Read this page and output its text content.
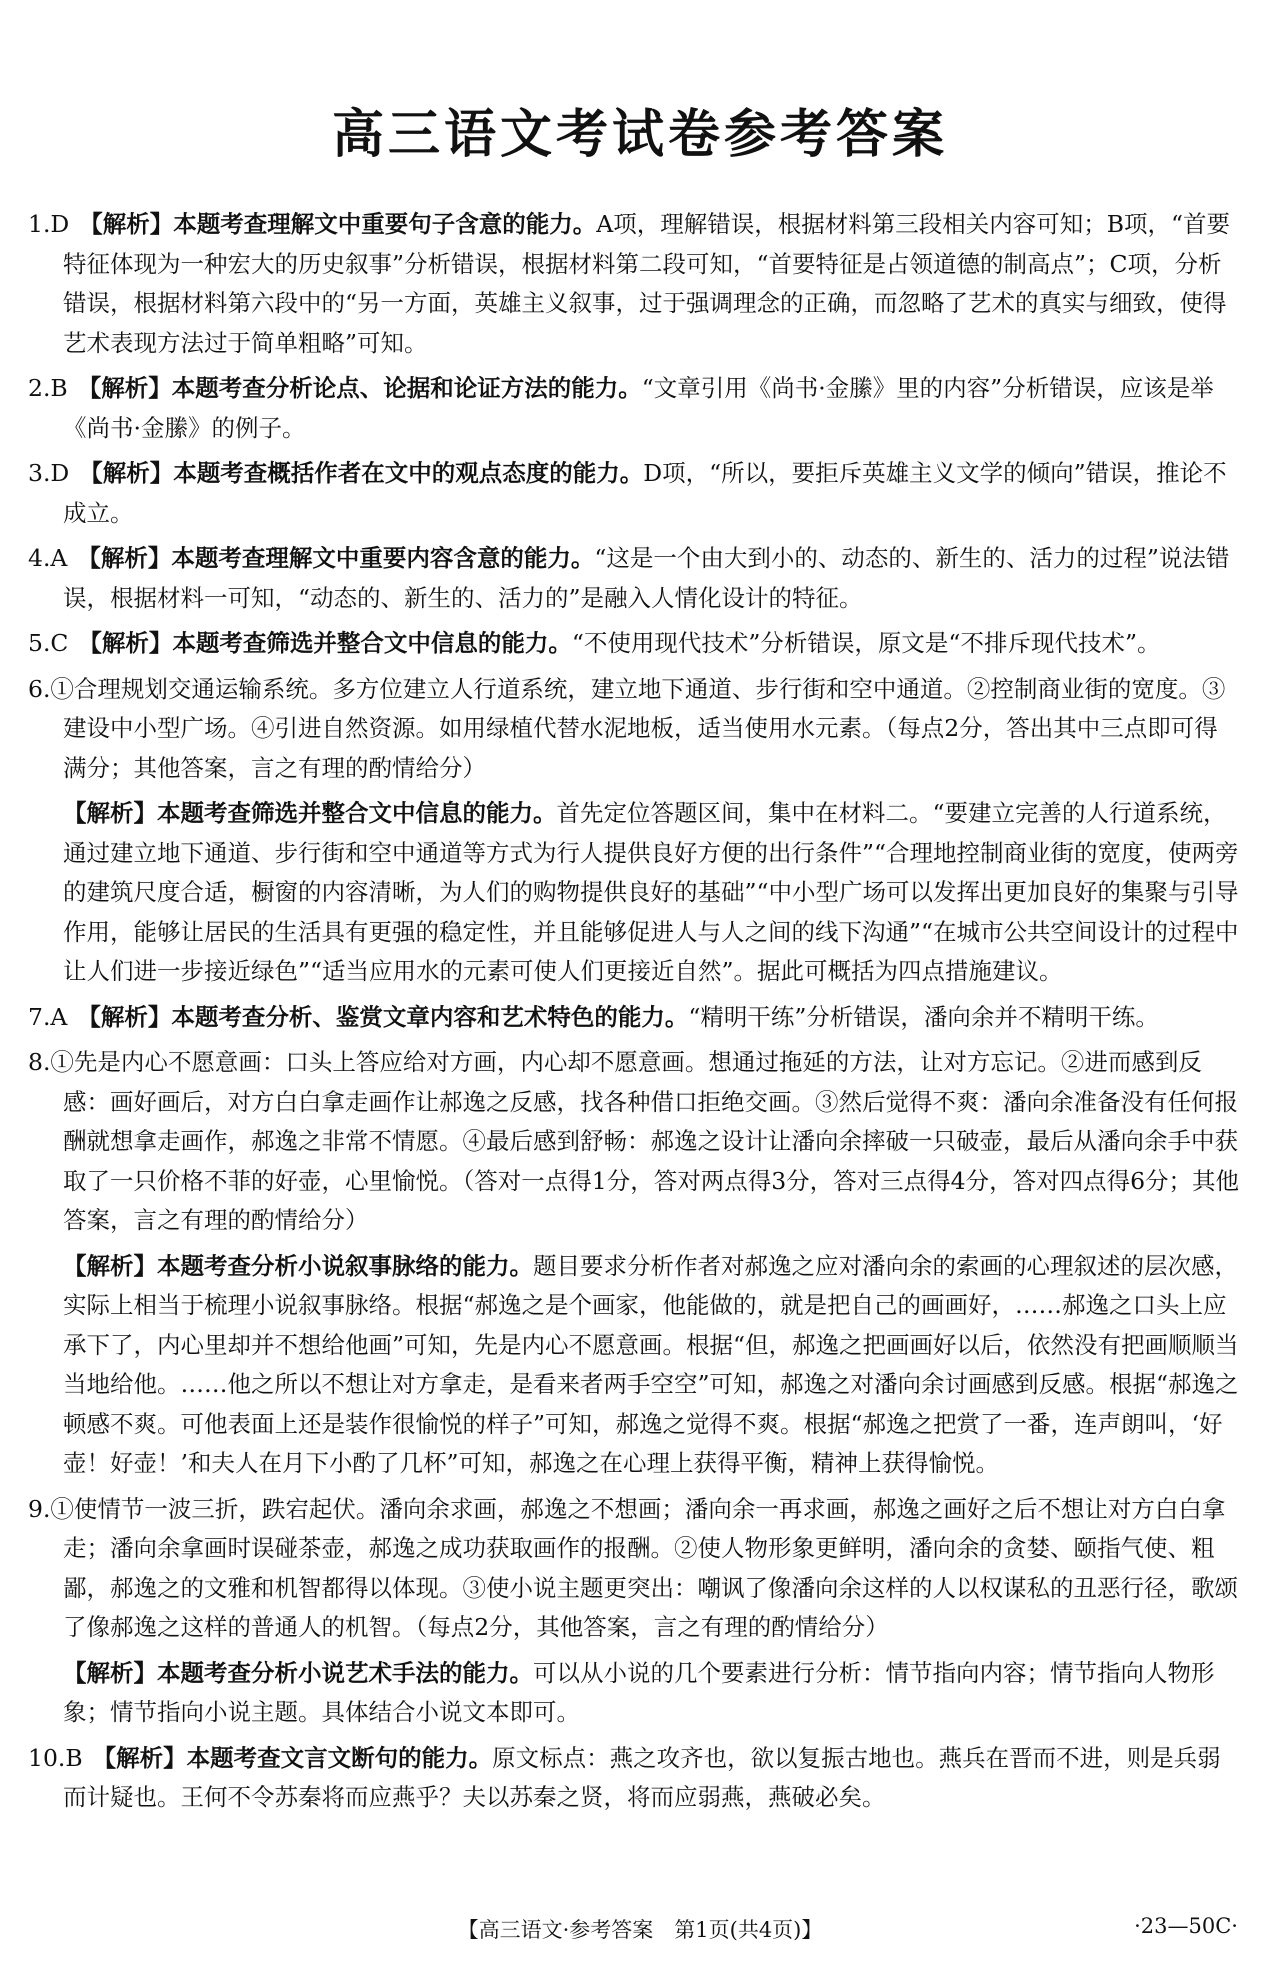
高三语文考试卷参考答案

1.D 【解析】本题考查理解文中重要句子含意的能力。A项，理解错误，根据材料第三段相关内容可知；B项，“首要特征体现为一种宏大的历史叙事”分析错误，根据材料第二段可知，“首要特征是占领道德的制高点”；C项，分析错误，根据材料第六段中的“另一方面，英雄主义叙事，过于强调理念的正确，而忽略了艺术的真实与细致，使得艺术表现方法过于简单粗略”可知。

2.B 【解析】本题考查分析论点、论据和论证方法的能力。“文章引用《尚书·金縢》里的内容”分析错误，应该是举《尚书·金縢》的例子。

3.D 【解析】本题考查概括作者在文中的观点态度的能力。D项，“所以，要拒斥英雄主义文学的倾向”错误，推论不成立。

4.A 【解析】本题考查理解文中重要内容含意的能力。“这是一个由大到小的、动态的、新生的、活力的过程”说法错误，根据材料一可知，“动态的、新生的、活力的”是融入人情化设计的特征。

5.C 【解析】本题考查筛选并整合文中信息的能力。“不使用现代技术”分析错误，原文是“不排斥现代技术”。

6.①合理规划交通运输系统。多方位建立人行道系统，建立地下通道、步行街和空中通道。②控制商业街的宽度。③建设中小型广场。④引进自然资源。如用绿植代替水泥地板，适当使用水元素。（每点2分，答出其中三点即可得满分；其他答案，言之有理的酌情给分）

【解析】本题考查筛选并整合文中信息的能力。首先定位答题区间，集中在材料二。“要建立完善的人行道系统，通过建立地下通道、步行街和空中通道等方式为行人提供良好方便的出行条件”“合理地控制商业街的宽度，使两旁的建筑尺度合适，橱窗的内容清晰，为人们的购物提供良好的基础”“中小型广场可以发挥出更加良好的集聚与引导作用，能够让居民的生活具有更强的稳定性，并且能够促进人与人之间的线下沟通”“在城市公共空间设计的过程中让人们进一步接近绿色”“适当应用水的元素可使人们更接近自然”。据此可概括为四点措施建议。

7.A 【解析】本题考查分析、鉴赏文章内容和艺术特色的能力。“精明干练”分析错误，潘向余并不精明干练。

8.①先是内心不愿意画：口头上答应给对方画，内心却不愿意画。想通过拖延的方法，让对方忘记。②进而感到反感：画好画后，对方白白拿走画作让郝逸之反感，找各种借口拒绝交画。③然后觉得不爽：潘向余准备没有任何报酬就想拿走画作，郝逸之非常不情愿。④最后感到舒畅：郝逸之设计让潘向余摔破一只破壶，最后从潘向余手中获取了一只价格不菲的好壶，心里愉悦。（答对一点得1分，答对两点得3分，答对三点得4分，答对四点得6分；其他答案，言之有理的酌情给分）

【解析】本题考查分析小说叙事脉络的能力。题目要求分析作者对郝逸之应对潘向余的索画的心理叙述的层次感，实际上相当于梳理小说叙事脉络。根据“郝逸之是个画家，他能做的，就是把自己的画画好，……郝逸之口头上应承下了，内心里却并不想给他画”可知，先是内心不愿意画。根据“但，郝逸之把画画好以后，依然没有把画顺顺当当地给他。……他之所以不想让对方拿走，是看来者两手空空”可知，郝逸之对潘向余讨画感到反感。根据“郝逸之顿感不爽。可他表面上还是装作很愉悦的样子”可知，郝逸之觉得不爽。根据“郝逸之把赏了一番，连声朗叫，‘好壶！好壶！’和夫人在月下小酌了几杯”可知，郝逸之在心理上获得平衡，精神上获得愉悦。

9.①使情节一波三折，跌宕起伏。潘向余求画，郝逸之不想画；潘向余一再求画，郝逸之画好之后不想让对方白白拿走；潘向余拿画时误碰茶壶，郝逸之成功获取画作的报酬。②使人物形象更鲜明，潘向余的贪婪、颐指气使、粗鄙，郝逸之的文雅和机智都得以体现。③使小说主题更突出：嘲讽了像潘向余这样的人以权谋私的丑恶行径，歌颂了像郝逸之这样的普通人的机智。（每点2分，其他答案，言之有理的酌情给分）

【解析】本题考查分析小说艺术手法的能力。可以从小说的几个要素进行分析：情节指向内容；情节指向人物形象；情节指向小说主题。具体结合小说文本即可。

10.B 【解析】本题考查文言文断句的能力。原文标点：燕之攻齐也，欲以复振古地也。燕兵在晋而不进，则是兵弱而计疑也。王何不令苏秦将而应燕乎？夫以苏秦之贤，将而应弱燕，燕破必矣。

【高三语文·参考答案　第1页(共4页)】	·23—50C·
